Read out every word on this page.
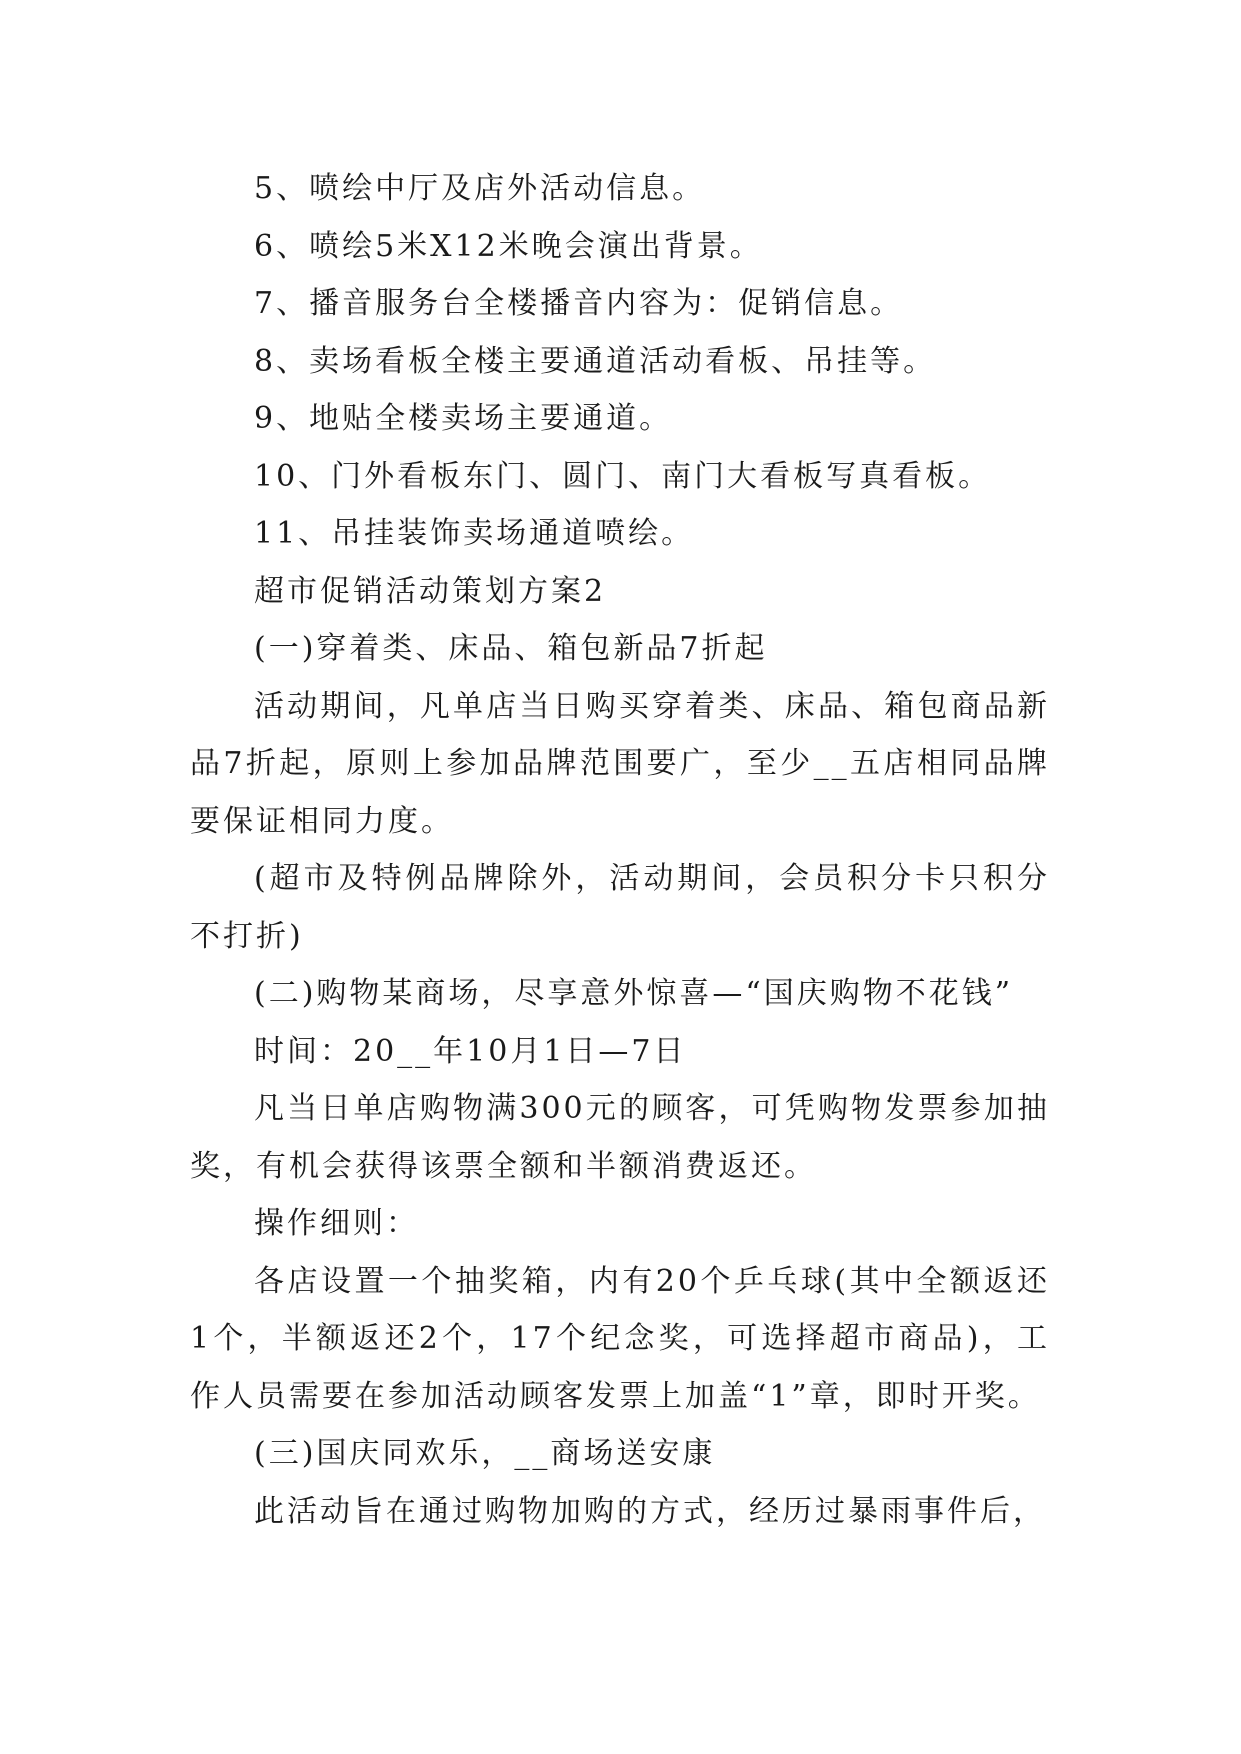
5、喷绘中厅及店外活动信息。

6、喷绘5米X12米晚会演出背景。

7、播音服务台全楼播音内容为：促销信息。

8、卖场看板全楼主要通道活动看板、吊挂等。

9、地贴全楼卖场主要通道。

10、门外看板东门、圆门、南门大看板写真看板。

11、吊挂装饰卖场通道喷绘。

超市促销活动策划方案2

(一)穿着类、床品、箱包新品7折起

活动期间，凡单店当日购买穿着类、床品、箱包商品新品7折起，原则上参加品牌范围要广，至少__五店相同品牌要保证相同力度。

(超市及特例品牌除外，活动期间，会员积分卡只积分不打折)

(二)购物某商场，尽享意外惊喜—“国庆购物不花钱”

时间：20__年10月1日—7日

凡当日单店购物满300元的顾客，可凭购物发票参加抽奖，有机会获得该票全额和半额消费返还。

操作细则：

各店设置一个抽奖箱，内有20个乒乓球(其中全额返还1个，半额返还2个，17个纪念奖，可选择超市商品)，工作人员需要在参加活动顾客发票上加盖“1”章，即时开奖。

(三)国庆同欢乐，__商场送安康

此活动旨在通过购物加购的方式，经历过暴雨事件后，
